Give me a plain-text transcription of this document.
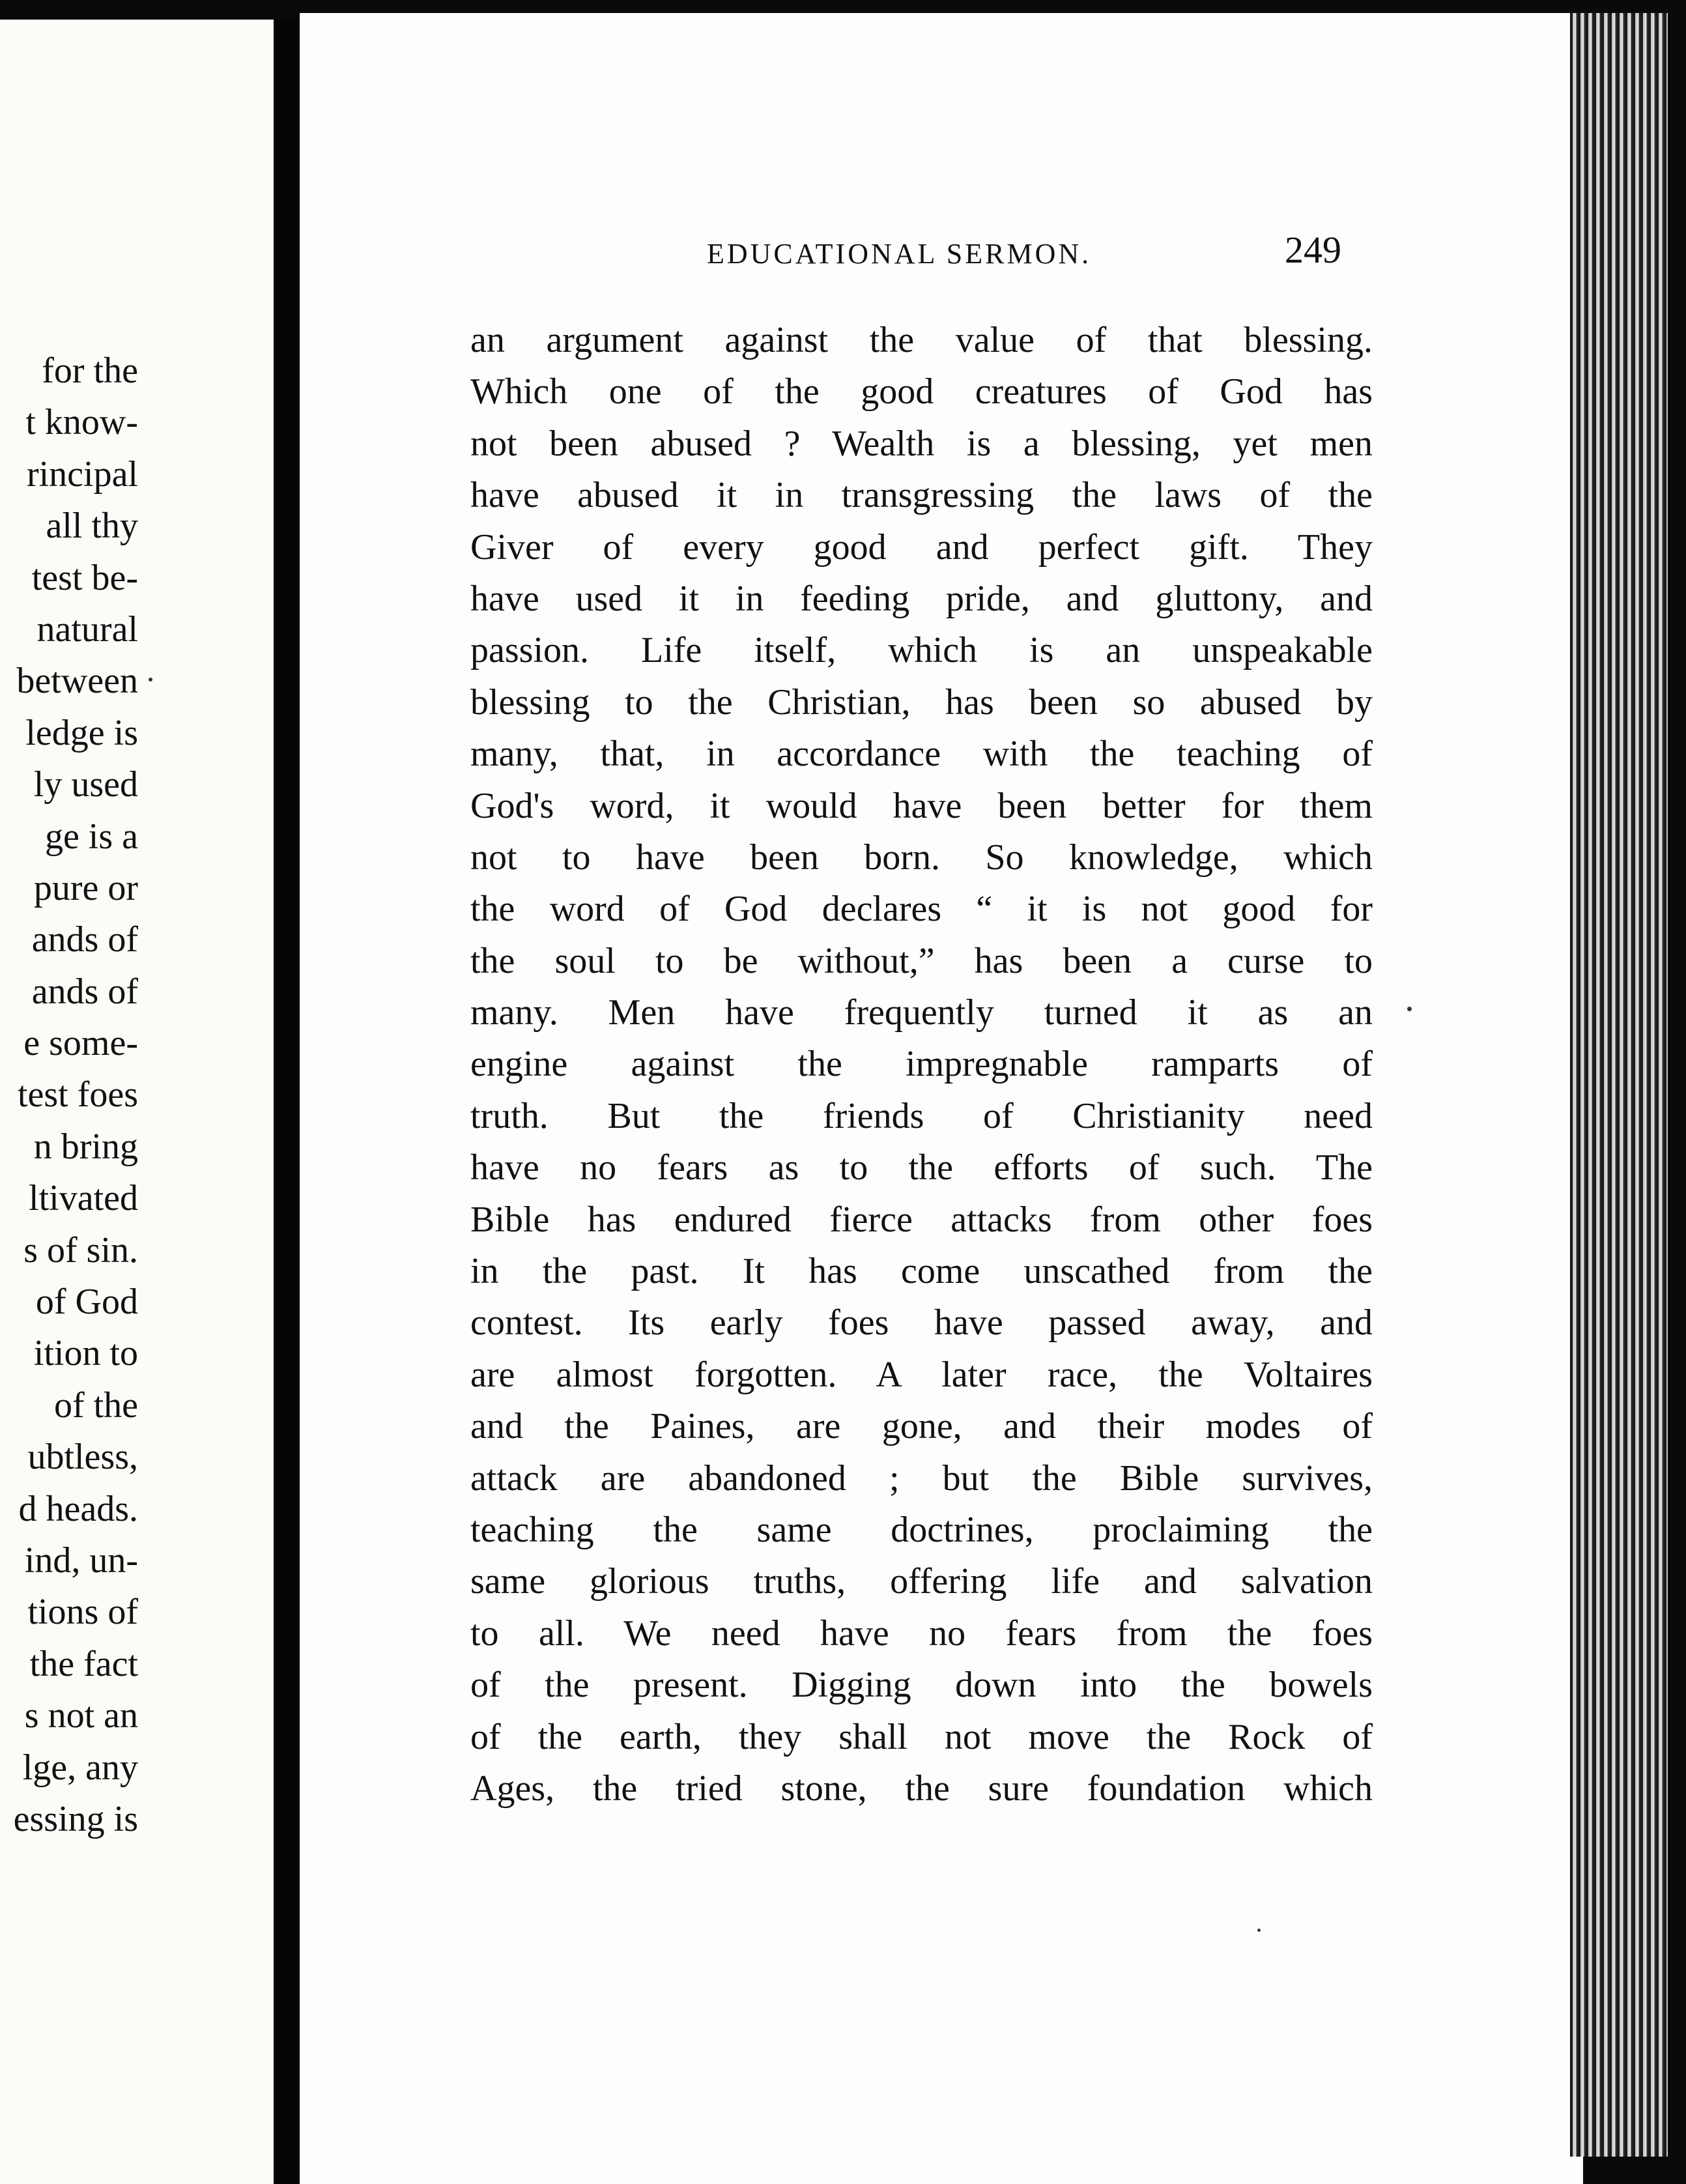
for the
t know-
rincipal
all thy
test be-
natural
between
ledge is
ly used
ge is a
pure or
ands of
ands of
e some-
test foes
n bring
ltivated
s of sin.
of God
ition to
of the
ubtless,
d heads.
ind, un-
tions of
the fact
s not an
lge, any
essing is
EDUCATIONAL SERMON.	249
an argument against the value of that blessing.
Which one of the good creatures of God has
not been abused ? Wealth is a blessing, yet men
have abused it in transgressing the laws of the
Giver of every good and perfect gift. They
have used it in feeding pride, and gluttony, and
passion. Life itself, which is an unspeakable
blessing to the Christian, has been so abused by
many, that, in accordance with the teaching of
God's word, it would have been better for them
not to have been born. So knowledge, which
the word of God declares “ it is not good for
the soul to be without,” has been a curse to
many. Men have frequently turned it as an
engine against the impregnable ramparts of
truth. But the friends of Christianity need
have no fears as to the efforts of such. The
Bible has endured fierce attacks from other foes
in the past. It has come unscathed from the
contest. Its early foes have passed away, and
are almost forgotten. A later race, the Voltaires
and the Paines, are gone, and their modes of
attack are abandoned ; but the Bible survives,
teaching the same doctrines, proclaiming the
same glorious truths, offering life and salvation
to all. We need have no fears from the foes
of the present. Digging down into the bowels
of the earth, they shall not move the Rock of
Ages, the tried stone, the sure foundation which
